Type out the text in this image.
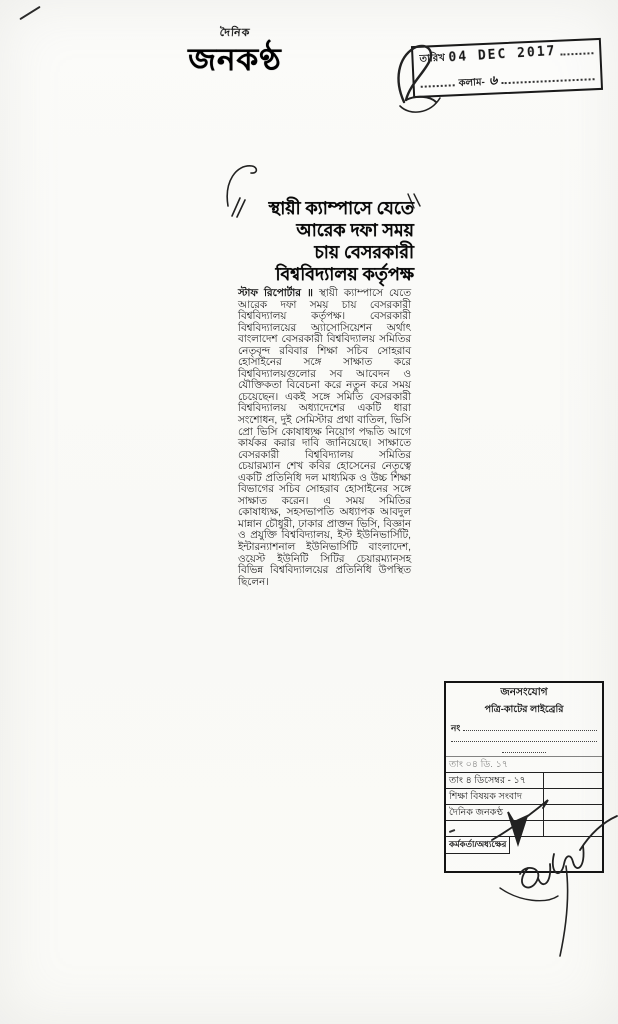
দৈনিক
জনকণ্ঠ	তারিখ 04 DEC 2017
কলাম- ৬
স্থায়ী ক্যাম্পাসে যেতে
আরেক দফা সময়
চায় বেসরকারী
বিশ্ববিদ্যালয় কর্তৃপক্ষ
স্টাফ রিপোর্টার ॥ স্থায়ী ক্যাম্পাসে যেতে আরেক দফা সময় চায় বেসরকারী বিশ্ববিদ্যালয় কর্তৃপক্ষ। বেসরকারী বিশ্ববিদ্যালয়ের অ্যাসোসিয়েশন অর্থাৎ বাংলাদেশ বেসরকারী বিশ্ববিদ্যালয় সমিতির নেতৃবৃন্দ রবিবার শিক্ষা সচিব সোহরাব হোসাইনের সঙ্গে সাক্ষাত করে বিশ্ববিদ্যালয়গুলোর সব আবেদন ও যৌক্তিকতা বিবেচনা করে নতুন করে সময় চেয়েছেন। একই সঙ্গে সমিতি বেসরকারী বিশ্ববিদ্যালয় অধ্যাদেশের একটি ধারা সংশোধন, দুই সেমিস্টার প্রথা বাতিল, ভিসি প্রো ভিসি কোষাধ্যক্ষ নিয়োগ পদ্ধতি আগে কার্যকর করার দাবি জানিয়েছে। সাক্ষাতে বেসরকারী বিশ্ববিদ্যালয় সমিতির চেয়ারম্যান শেখ কবির হোসেনের নেতৃত্বে একটি প্রতিনিধি দল মাধ্যমিক ও উচ্চ শিক্ষা বিভাগের সচিব সোহরাব হোসাইনের সঙ্গে সাক্ষাত করেন। এ সময় সমিতির কোষাধ্যক্ষ, সহসভাপতি অধ্যাপক আবদুল মান্নান চৌধুরী, ঢাকার প্রাক্তন ভিসি, বিজ্ঞান ও প্রযুক্তি বিশ্ববিদ্যালয়, ইস্ট ইউনিভার্সিটি, ইন্টারন্যাশনাল ইউনিভার্সিটি বাংলাদেশ, ওয়েস্ট ইউনিটি সিটির চেয়ারম্যানসহ বিভিন্ন বিশ্ববিদ্যালয়ের প্রতিনিধি উপস্থিত ছিলেন।
জনসংযোগ
পত্রি-কাটের লাইব্রেরি
নং
তাং ০৪ ডি. ১৭
তাং ৪ ডিসেম্বর - ১৭
শিক্ষা বিষয়ক সংবাদ
দৈনিক জনকণ্ঠ
কর্মকর্তা/অধ্যক্ষের
